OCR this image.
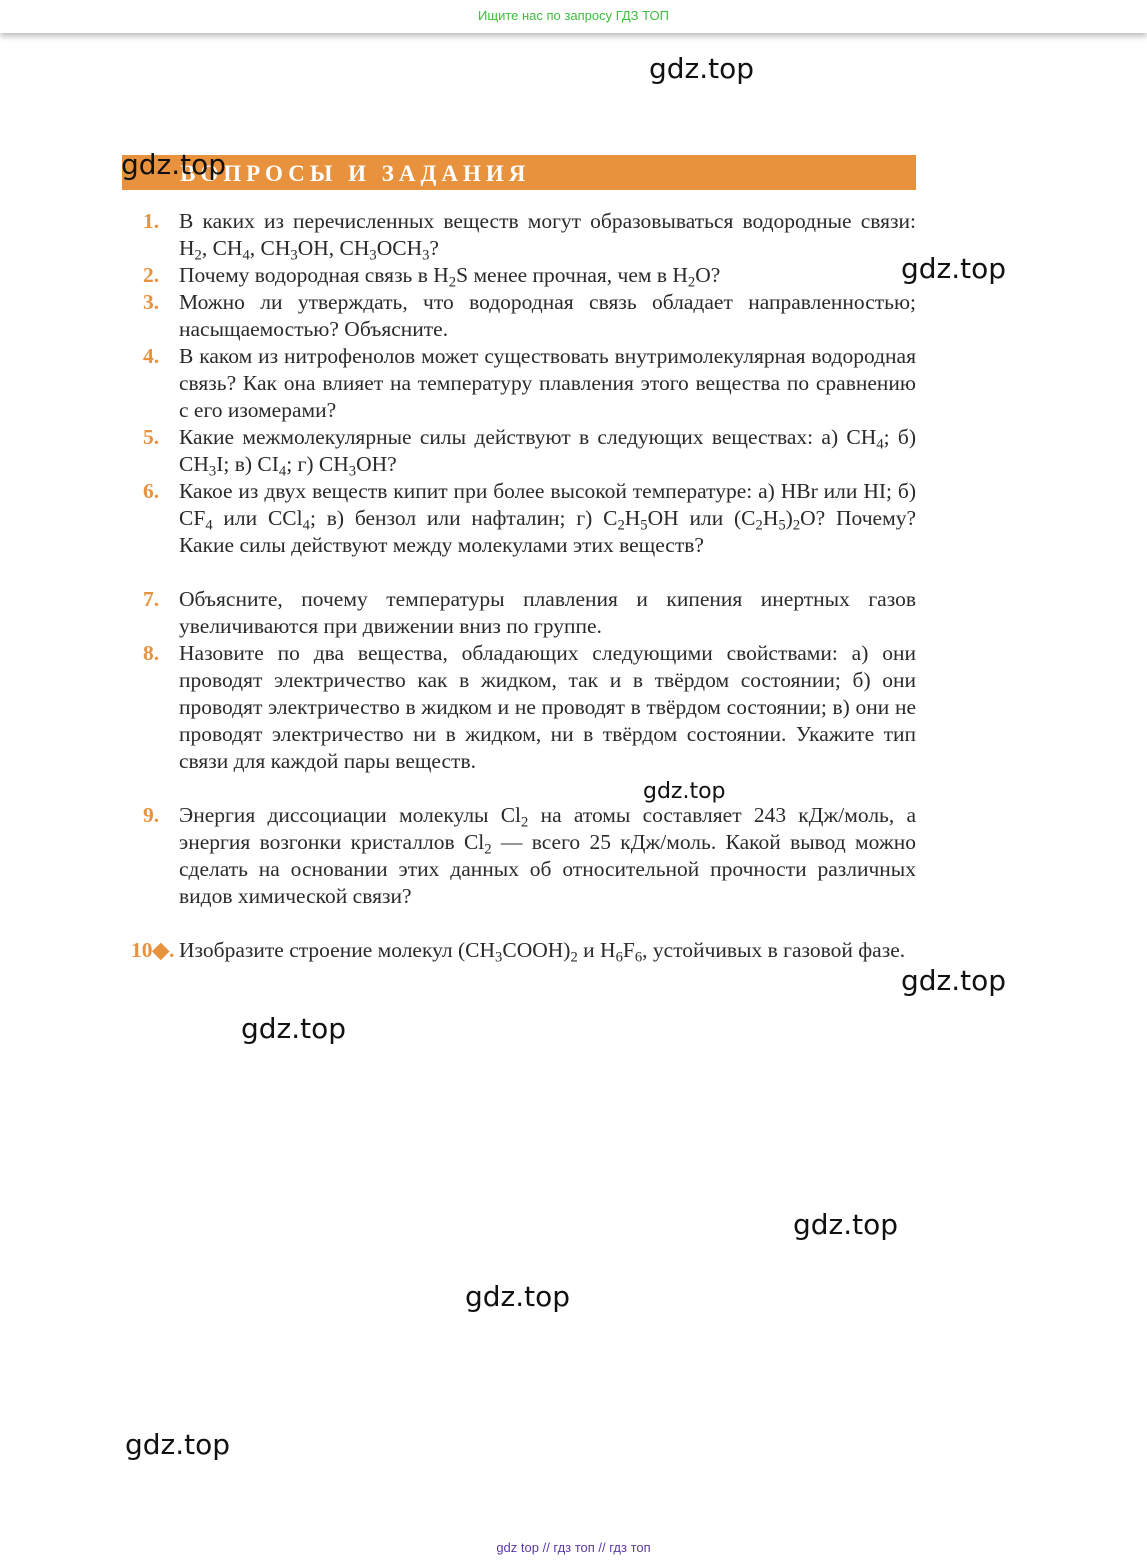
Ищите нас по запросу ГДЗ ТОП
ВОПРОСЫ И ЗАДАНИЯ
1. В каких из перечисленных веществ могут образовываться водородные связи: $H_2$, $CH_4$, $CH_3OH$, $CH_3OCH_3$?
2. Почему водородная связь в $H_2S$ менее прочная, чем в $H_2O$?
3. Можно ли утверждать, что водородная связь обладает направленностью; насыщаемостью? Объясните.
4. В каком из нитрофенолов может существовать внутримолекулярная водородная связь? Как она влияет на температуру плавления этого вещества по сравнению с его изомерами?
5. Какие межмолекулярные силы действуют в следующих веществах: а) $CH_4$; б) $CH_3I$; в) $CI_4$; г) $CH_3OH$?
6. Какое из двух веществ кипит при более высокой температуре: а) HBr или HI; б) $CF_4$ или CCl$_4$; в) бензол или нафталин; г) $C_2H_5OH$ или $(C_2H_5)_2O$? Почему? Какие силы действуют между молекулами этих веществ?
7. Объясните, почему температуры плавления и кипения инертных газов увеличиваются при движении вниз по группе.
8. Назовите по два вещества, обладающих следующими свойствами: а) они проводят электричество как в жидком, так и в твёрдом состоянии; б) они проводят электричество в жидком и не проводят в твёрдом состоянии; в) они не проводят электричество ни в жидком, ни в твёрдом состоянии. Укажите тип связи для каждой пары веществ.
9. Энергия диссоциации молекулы $Cl_2$ на атомы составляет 243 кДж/моль, а энергия возгонки кристаллов $Cl_2$ — всего 25 кДж/моль. Какой вывод можно сделать на основании этих данных об относительной прочности различных видов химической связи?
10◆. Изобразите строение молекул $(CH_3COOH)_2$ и $H_6F_6$, устойчивых в газовой фазе.
gdz.top
gdz.top
gdz.top
gdz.top
gdz.top
gdz.top
gdz.top
gdz.top
gdz.top
gdz top // гдз топ // гдз топ
